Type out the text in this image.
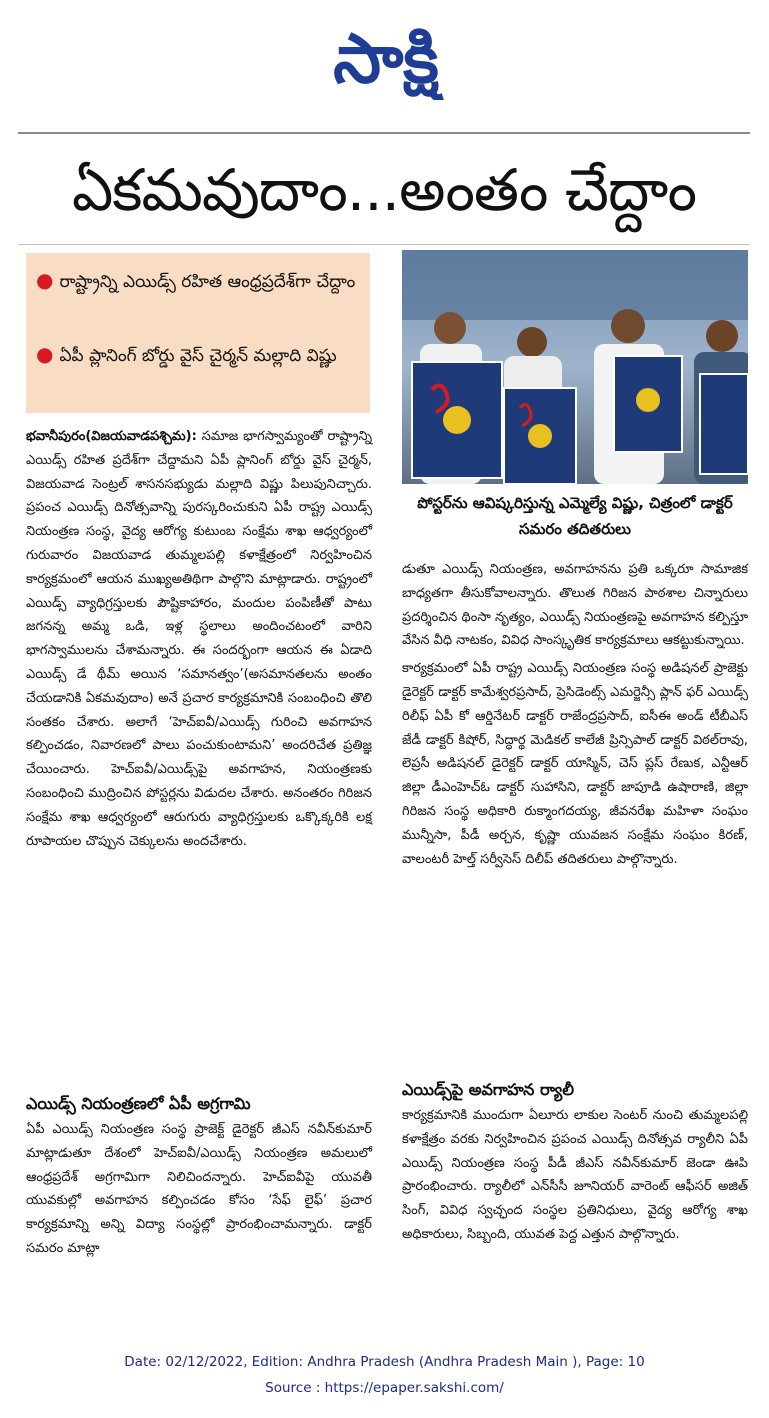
సాక్షి
ఏకమవుదాం...అంతం చేద్దాం
● రాష్ట్రాన్ని ఎయిడ్స్ రహిత ఆంధ్రప్రదేశ్‌గా చేద్దాం
● ఏపీ ప్లానింగ్ బోర్డు వైస్ చైర్మన్ మల్లాది విష్ణు
పోస్టర్‌ను ఆవిష్కరిస్తున్న ఎమ్మెల్యే విష్ణు, చిత్రంలో డాక్టర్ సమరం తదితరులు

భవానీపురం(విజయవాడపశ్చిమ): సమాజ భాగస్వామ్యంతో రాష్ట్రాన్ని ఎయిడ్స్ రహిత ప్రదేశ్‌గా చేద్దామని ఏపీ ప్లానింగ్ బోర్డు వైస్ చైర్మన్, విజయవాడ సెంట్రల్ శాసనసభ్యుడు మల్లాది విష్ణు పిలుపునిచ్చారు. ప్రపంచ ఎయిడ్స్ దినోత్సవాన్ని పురస్కరించుకుని ఏపీ రాష్ట్ర ఎయిడ్స్ నియంత్రణ సంస్థ, వైద్య ఆరోగ్య కుటుంబ సంక్షేమ శాఖ ఆధ్వర్యంలో గురువారం విజయవాడ తుమ్మలపల్లి కళాక్షేత్రంలో నిర్వహించిన కార్యక్రమంలో ఆయన ముఖ్యఅతిథిగా పాల్గొని మాట్లాడారు. రాష్ట్రంలో ఎయిడ్స్ వ్యాధిగ్రస్తులకు పౌష్టికాహారం, మందుల పంపిణీతో పాటు జగనన్న అమ్మ ఒడి, ఇళ్ల స్థలాలు అందించటంలో వారిని భాగస్వాములను చేశామన్నారు. ఈ సందర్భంగా ఆయన ఈ ఏడాది ఎయిడ్స్ డే థీమ్ అయిన ‘సమానత్వం’(అసమానతలను అంతం చేయడానికి ఏకమవుదాం) అనే ప్రచార కార్యక్రమానికి సంబంధించి తొలి సంతకం చేశారు. అలాగే ‘హెచ్‌ఐవీ/ఎయిడ్స్ గురించి అవగాహన కల్పించడం, నివారణలో పాలు పంచుకుంటామని’ అందరిచేత ప్రతిజ్ఞ చేయించారు. హెచ్‌ఐవీ/ఎయిడ్స్‌పై అవగాహన, నియంత్రణకు సంబంధించి ముద్రించిన పోస్టర్లను విడుదల చేశారు. అనంతరం గిరిజన సంక్షేమ శాఖ ఆధ్వర్యంలో ఆరుగురు వ్యాధిగ్రస్తులకు ఒక్కొక్కరికి లక్ష రూపాయల చొప్పున చెక్కులను అందచేశారు.

ఎయిడ్స్ నియంత్రణలో ఏపీ అగ్రగామి

ఏపీ ఎయిడ్స్ నియంత్రణ సంస్థ ప్రాజెక్ట్ డైరెక్టర్ జీఎస్ నవీన్‌కుమార్ మాట్లాడుతూ దేశంలో హెచ్‌ఐవీ/ఎయిడ్స్ నియంత్రణ అమలులో ఆంధ్రప్రదేశ్ అగ్రగామిగా నిలిచిందన్నారు. హెచ్‌ఐవీపై యువతీ యువకుల్లో అవగాహన కల్పించడం కోసం ‘సేఫ్ లైఫ్’ ప్రచార కార్యక్రమాన్ని అన్ని విద్యా సంస్థల్లో ప్రారంభించామన్నారు. డాక్టర్ సమరం మాట్లా

డుతూ ఎయిడ్స్ నియంత్రణ, అవగాహనను ప్రతి ఒక్కరూ సామాజిక బాధ్యతగా తీసుకోవాలన్నారు. తొలుత గిరిజన పాఠశాల చిన్నారులు ప్రదర్శించిన థింసా నృత్యం, ఎయిడ్స్ నియంత్రణపై అవగాహన కల్పిస్తూ వేసిన వీధి నాటకం, వివిధ సాంస్కృతిక కార్యక్రమాలు ఆకట్టుకున్నాయి.

కార్యక్రమంలో ఏపీ రాష్ట్ర ఎయిడ్స్ నియంత్రణ సంస్థ అడిషనల్ ప్రాజెక్టు డైరెక్టర్ డాక్టర్ కామేశ్వరప్రసాద్, ప్రెసిడెంట్స్ ఎమర్జెన్సీ ప్లాన్ ఫర్ ఎయిడ్స్ రిలీఫ్ ఏపీ కో ఆర్డినేటర్ డాక్టర్ రాజేంద్రప్రసాద్, ఐసీఈ అండ్ టీబీఎస్ జేడీ డాక్టర్ కిషోర్, సిద్ధార్థ మెడికల్ కాలేజీ ప్రిన్సిపాల్ డాక్టర్ విఠల్‌రావు, లెప్రసీ అడిషనల్ డైరెక్టర్ డాక్టర్ యాస్మిన్, చెస్ ప్లస్ రేణుక, ఎన్టీఆర్ జిల్లా డీఎంహెచ్‌ఓ డాక్టర్ సుహాసిని, డాక్టర్ జాపూడి ఉషారాణి, జిల్లా గిరిజన సంస్థ అధికారి రుక్మాంగదయ్య, జీవనరేఖ మహిళా సంఘం మున్నీసా, పీడీ అర్చన, కృష్ణా యువజన సంక్షేమ సంఘం కిరణ్, వాలంటరీ హెల్త్ సర్వీసెస్ దిలీప్ తదితరులు పాల్గొన్నారు.

ఎయిడ్స్‌పై అవగాహన ర్యాలీ

కార్యక్రమానికి ముందుగా ఏలూరు లాకుల సెంటర్ నుంచి తుమ్మలపల్లి కళాక్షేత్రం వరకు నిర్వహించిన ప్రపంచ ఎయిడ్స్ దినోత్సవ ర్యాలీని ఏపీ ఎయిడ్స్ నియంత్రణ సంస్థ పీడీ జీఎస్ నవీన్‌కుమార్ జెండా ఊపి ప్రారంభించారు. ర్యాలీలో ఎన్‌సీసీ జూనియర్ వారెంట్ ఆఫీసర్ అజిత్ సింగ్, వివిధ స్వచ్ఛంద సంస్థల ప్రతినిధులు, వైద్య ఆరోగ్య శాఖ అధికారులు, సిబ్బంది, యువత పెద్ద ఎత్తున పాల్గొన్నారు.

Date: 02/12/2022, Edition: Andhra Pradesh (Andhra Pradesh Main ), Page: 10
Source : https://epaper.sakshi.com/
